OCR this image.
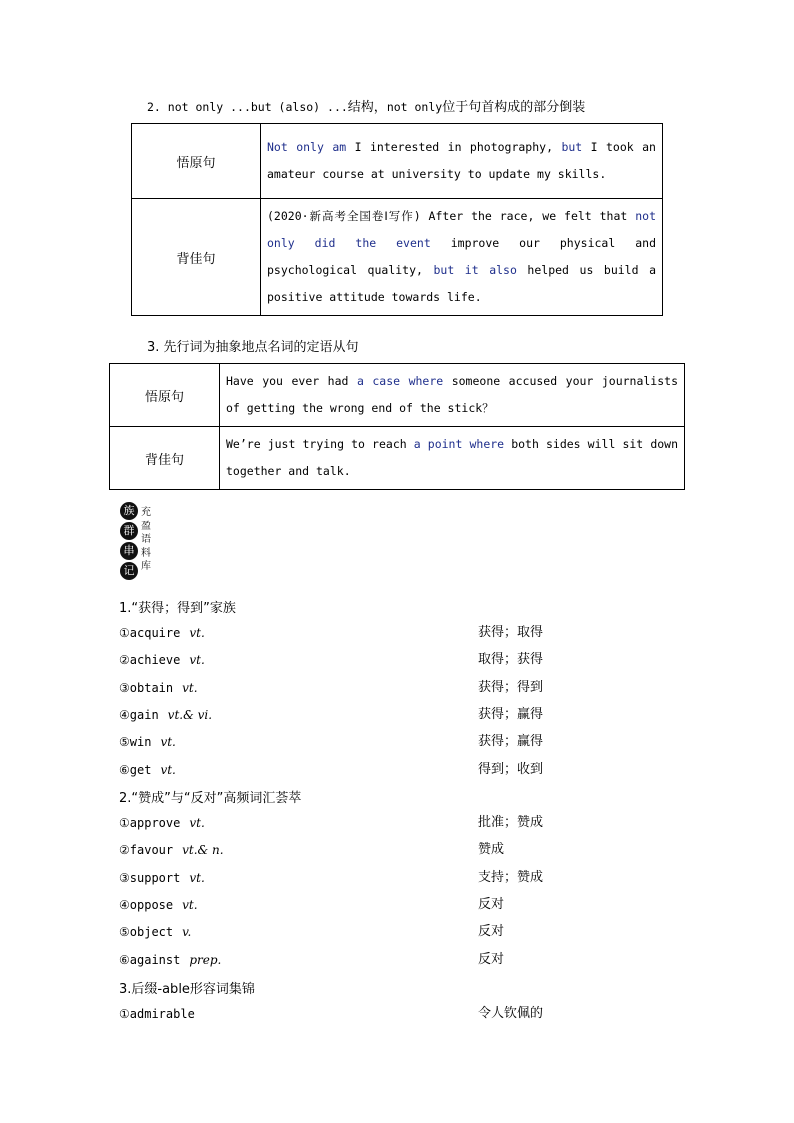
2. not only ...but (also) ...结构，not only位于句首构成的部分倒装
悟原句	Not only am I interested in photography, but I took an amateur course at university to update my skills.
背佳句	(2020·新高考全国卷Ⅰ写作) After the race, we felt that not only did the event improve our physical and psychological quality, but it also helped us build a positive attitude towards life.
3. 先行词为抽象地点名词的定语从句
悟原句	Have you ever had a case where someone accused your journalists of getting the wrong end of the stick？
背佳句	We’re just trying to reach a point where both sides will sit down together and talk.
族
群
串
记
充盈语料库
1.“获得；得到”家族
①acquire vt.	获得；取得
②achieve vt.	取得；获得
③obtain vt.	获得；得到
④gain vt.& vi.	获得；赢得
⑤win vt.	获得；赢得
⑥get vt.	得到；收到
2.“赞成”与“反对”高频词汇荟萃
①approve vt.	批准；赞成
②favour vt.& n.	赞成
③support vt.	支持；赞成
④oppose vt.	反对
⑤object v.	反对
⑥against prep.	反对
3.后缀-able形容词集锦
①admirable	令人钦佩的
